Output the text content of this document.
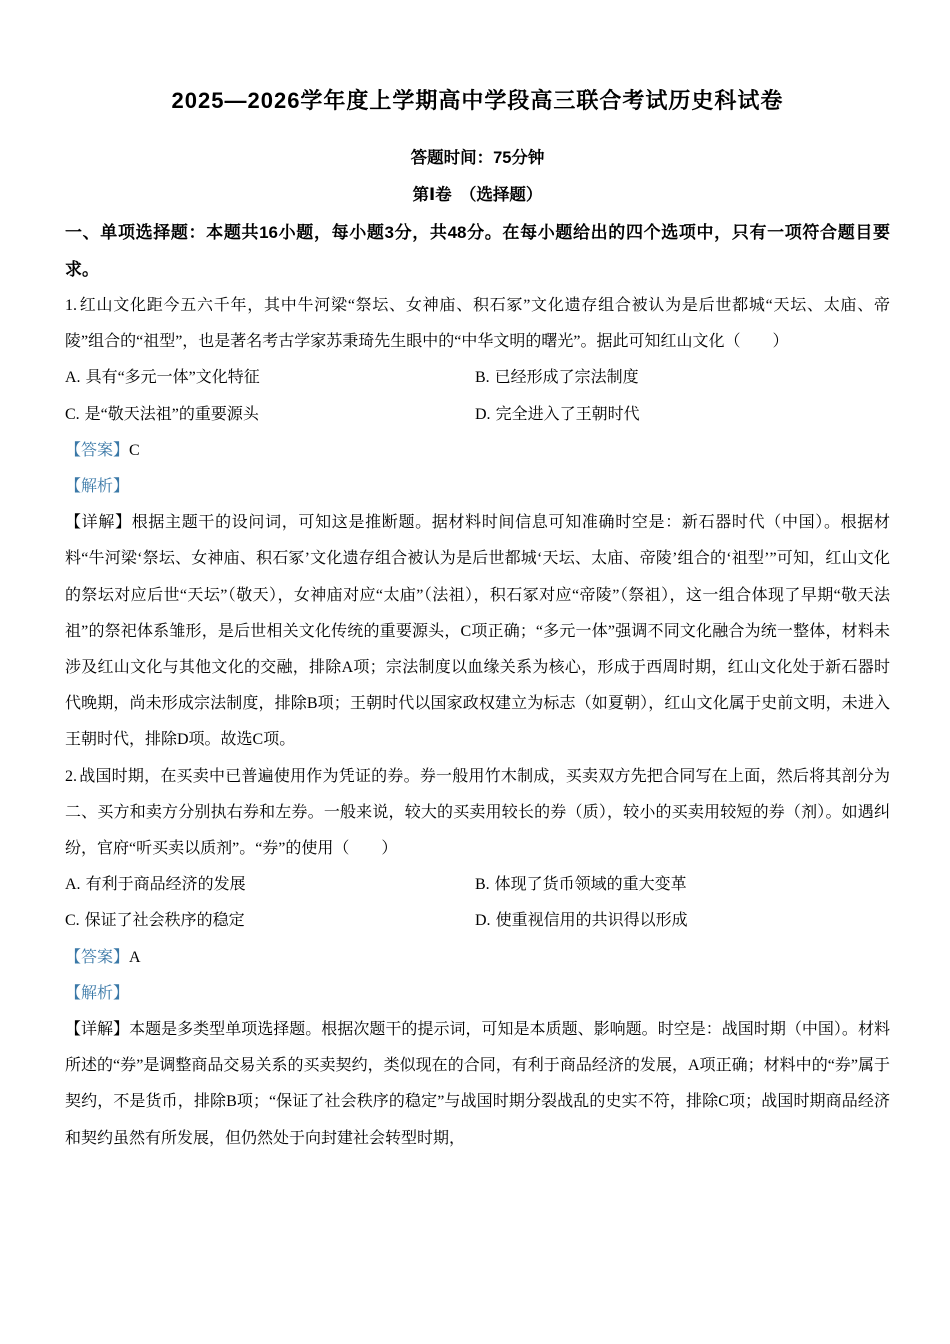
2025—2026学年度上学期高中学段高三联合考试历史科试卷
答题时间：75分钟
第Ⅰ卷　（选择题）
一、单项选择题：本题共16小题，每小题3分，共48分。在每小题给出的四个选项中，只有一项符合题目要求。
1. 红山文化距今五六千年，其中牛河梁“祭坛、女神庙、积石冢”文化遗存组合被认为是后世都城“天坛、太庙、帝陵”组合的“祖型”，也是著名考古学家苏秉琦先生眼中的“中华文明的曙光”。据此可知红山文化（　　）
A. 具有“多元一体”文化特征	B. 已经形成了宗法制度
C. 是“敬天法祖”的重要源头	D. 完全进入了王朝时代
【答案】C
【解析】
【详解】根据主题干的设问词，可知这是推断题。据材料时间信息可知准确时空是：新石器时代（中国）。根据材料“牛河梁‘祭坛、女神庙、积石冢’文化遗存组合被认为是后世都城‘天坛、太庙、帝陵’组合的‘祖型’”可知，红山文化的祭坛对应后世“天坛”（敬天），女神庙对应“太庙”（法祖），积石冢对应“帝陵”（祭祖），这一组合体现了早期“敬天法祖”的祭祀体系雏形，是后世相关文化传统的重要源头，C项正确；“多元一体”强调不同文化融合为统一整体，材料未涉及红山文化与其他文化的交融，排除A项；宗法制度以血缘关系为核心，形成于西周时期，红山文化处于新石器时代晚期，尚未形成宗法制度，排除B项；王朝时代以国家政权建立为标志（如夏朝），红山文化属于史前文明，未进入王朝时代，排除D项。故选C项。
2. 战国时期，在买卖中已普遍使用作为凭证的券。券一般用竹木制成，买卖双方先把合同写在上面，然后将其剖分为二、买方和卖方分别执右券和左券。一般来说，较大的买卖用较长的券（质），较小的买卖用较短的券（剂）。如遇纠纷，官府“听买卖以质剂”。“券”的使用（　　）
A. 有利于商品经济的发展	B. 体现了货币领域的重大变革
C. 保证了社会秩序的稳定	D. 使重视信用的共识得以形成
【答案】A
【解析】
【详解】本题是多类型单项选择题。根据次题干的提示词，可知是本质题、影响题。时空是：战国时期（中国）。材料所述的“券”是调整商品交易关系的买卖契约，类似现在的合同，有利于商品经济的发展，A项正确；材料中的“券”属于契约，不是货币，排除B项；“保证了社会秩序的稳定”与战国时期分裂战乱的史实不符，排除C项；战国时期商品经济和契约虽然有所发展，但仍然处于向封建社会转型时期，
